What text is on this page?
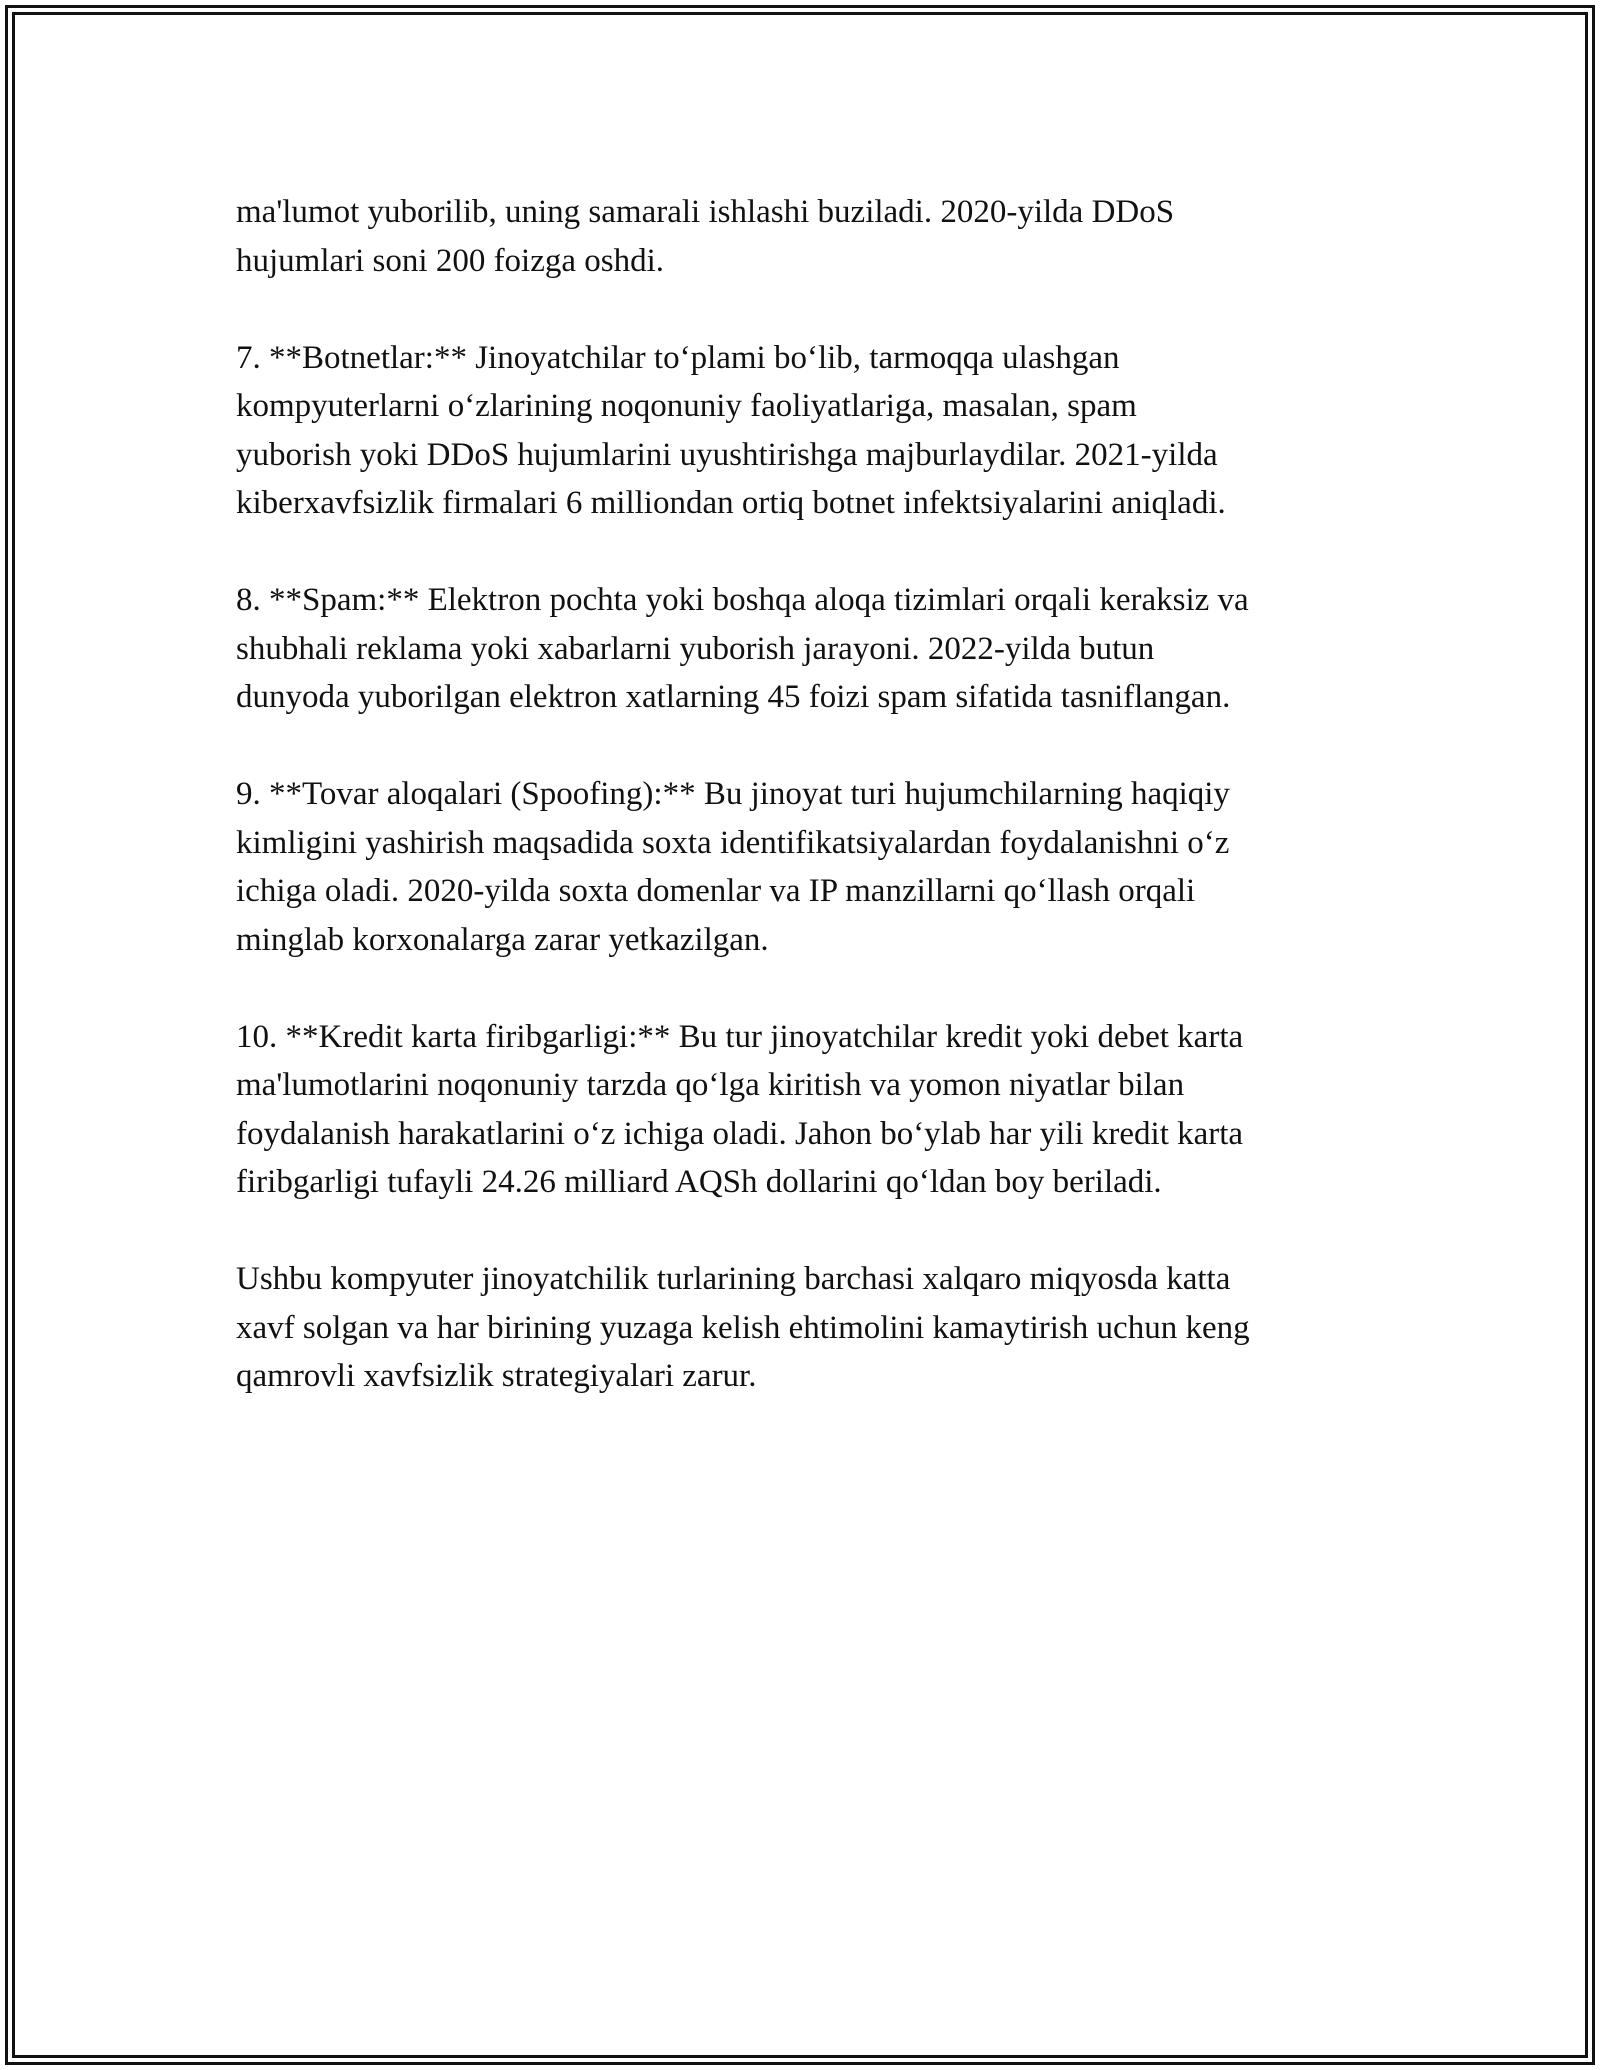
ma'lumot yuborilib, uning samarali ishlashi buziladi. 2020-yilda DDoS
hujumlari soni 200 foizga oshdi.

7. **Botnetlar:** Jinoyatchilar to‘plami bo‘lib, tarmoqqa ulashgan
kompyuterlarni o‘zlarining noqonuniy faoliyatlariga, masalan, spam
yuborish yoki DDoS hujumlarini uyushtirishga majburlaydilar. 2021-yilda
kiberxavfsizlik firmalari 6 milliondan ortiq botnet infektsiyalarini aniqladi.

8. **Spam:** Elektron pochta yoki boshqa aloqa tizimlari orqali keraksiz va
shubhali reklama yoki xabarlarni yuborish jarayoni. 2022-yilda butun
dunyoda yuborilgan elektron xatlarning 45 foizi spam sifatida tasniflangan.

9. **Tovar aloqalari (Spoofing):** Bu jinoyat turi hujumchilarning haqiqiy
kimligini yashirish maqsadida soxta identifikatsiyalardan foydalanishni o‘z
ichiga oladi. 2020-yilda soxta domenlar va IP manzillarni qo‘llash orqali
minglab korxonalarga zarar yetkazilgan.

10. **Kredit karta firibgarligi:** Bu tur jinoyatchilar kredit yoki debet karta
ma'lumotlarini noqonuniy tarzda qo‘lga kiritish va yomon niyatlar bilan
foydalanish harakatlarini o‘z ichiga oladi. Jahon bo‘ylab har yili kredit karta
firibgarligi tufayli 24.26 milliard AQSh dollarini qo‘ldan boy beriladi.

Ushbu kompyuter jinoyatchilik turlarining barchasi xalqaro miqyosda katta
xavf solgan va har birining yuzaga kelish ehtimolini kamaytirish uchun keng
qamrovli xavfsizlik strategiyalari zarur.
